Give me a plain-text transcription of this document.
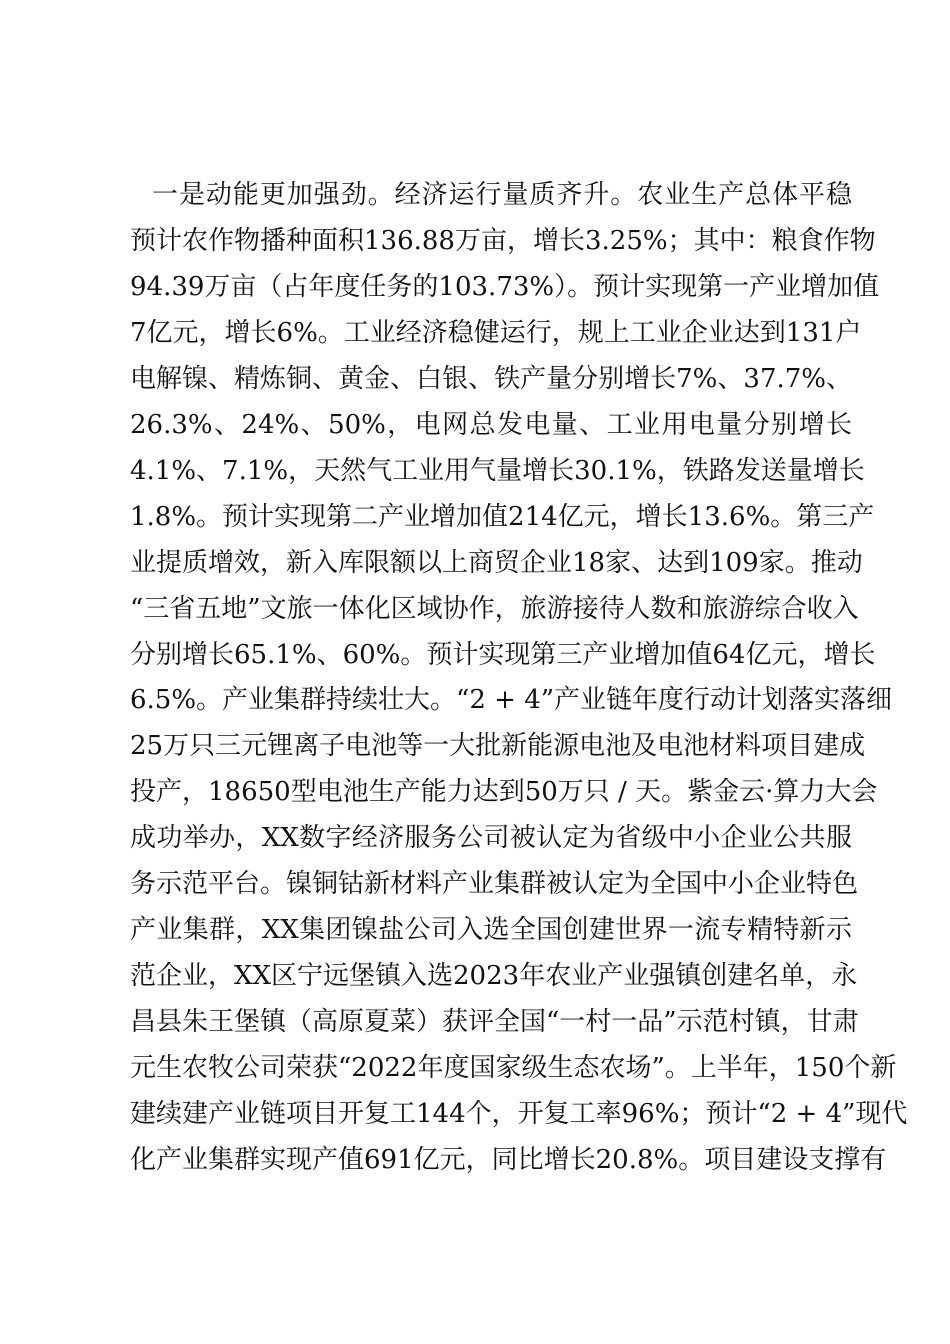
一是动能更加强劲。经济运行量质齐升。农业生产总体平稳
预计农作物播种面积136.88万亩，增长3.25%；其中：粮食作物
94.39万亩（占年度任务的103.73%）。预计实现第一产业增加值
7亿元，增长6%。工业经济稳健运行，规上工业企业达到131户
电解镍、精炼铜、黄金、白银、铁产量分别增长7%、37.7%、
26.3%、24%、50%，电网总发电量、工业用电量分别增长
4.1%、7.1%，天然气工业用气量增长30.1%，铁路发送量增长
1.8%。预计实现第二产业增加值214亿元，增长13.6%。第三产
业提质增效，新入库限额以上商贸企业18家、达到109家。推动
“三省五地”文旅一体化区域协作，旅游接待人数和旅游综合收入
分别增长65.1%、60%。预计实现第三产业增加值64亿元，增长
6.5%。产业集群持续壮大。“2 + 4”产业链年度行动计划落实落细
25万只三元锂离子电池等一大批新能源电池及电池材料项目建成
投产，18650型电池生产能力达到50万只 / 天。紫金云·算力大会
成功举办，XX数字经济服务公司被认定为省级中小企业公共服
务示范平台。镍铜钴新材料产业集群被认定为全国中小企业特色
产业集群，XX集团镍盐公司入选全国创建世界一流专精特新示
范企业，XX区宁远堡镇入选2023年农业产业强镇创建名单，永
昌县朱王堡镇（高原夏菜）获评全国“一村一品”示范村镇，甘肃
元生农牧公司荣获“2022年度国家级生态农场”。上半年，150个新
建续建产业链项目开复工144个，开复工率96%；预计“2 + 4”现代
化产业集群实现产值691亿元，同比增长20.8%。项目建设支撑有
